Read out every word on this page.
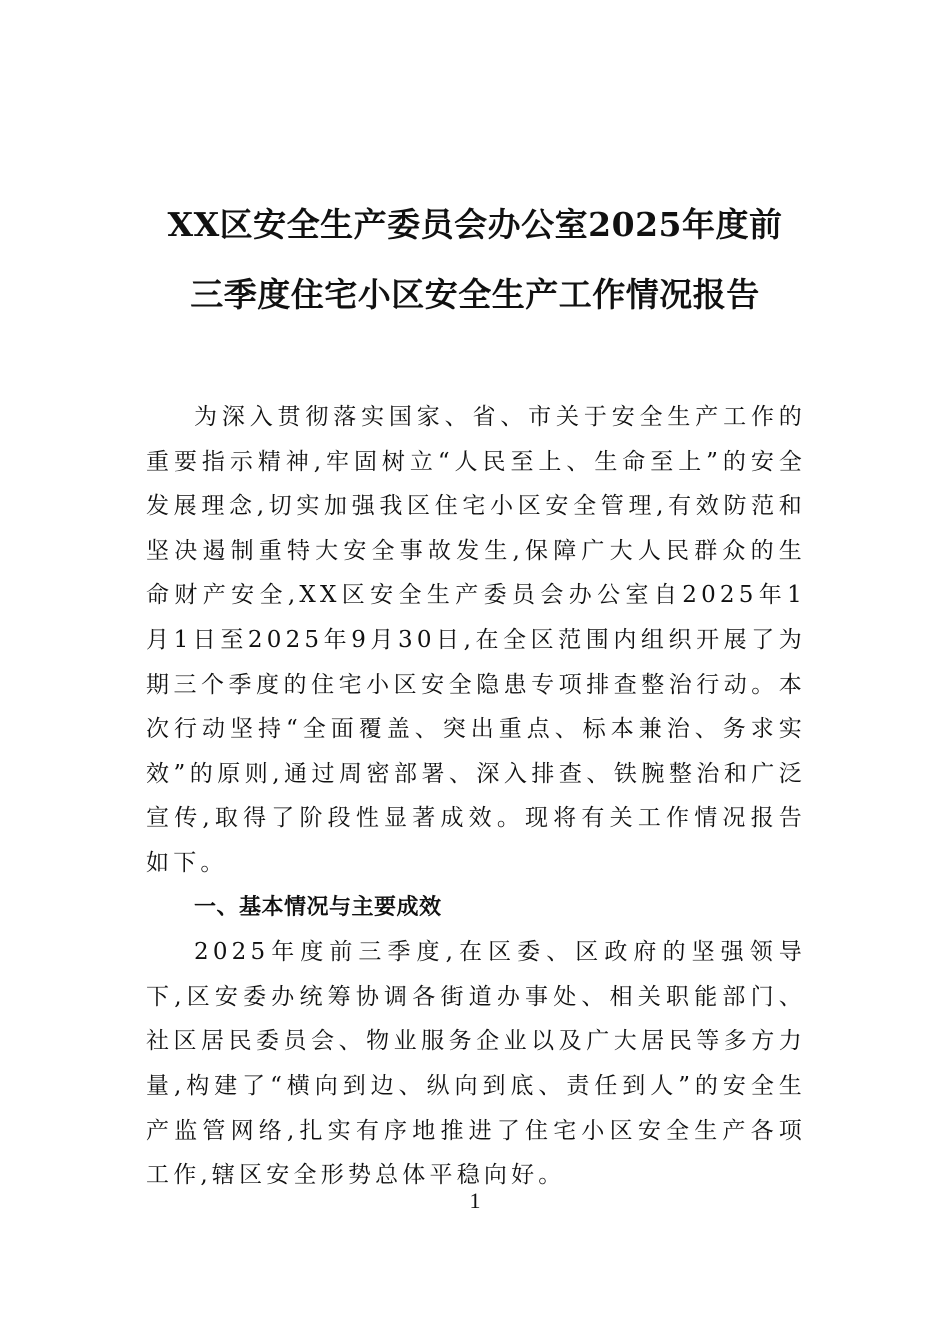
XX区安全生产委员会办公室2025年度前
三季度住宅小区安全生产工作情况报告

为深入贯彻落实国家、省、市关于安全生产工作的重要指示精神,牢固树立“人民至上、生命至上”的安全发展理念,切实加强我区住宅小区安全管理,有效防范和坚决遏制重特大安全事故发生,保障广大人民群众的生命财产安全,XX区安全生产委员会办公室自2025年1月1日至2025年9月30日,在全区范围内组织开展了为期三个季度的住宅小区安全隐患专项排查整治行动。本次行动坚持“全面覆盖、突出重点、标本兼治、务求实效”的原则,通过周密部署、深入排查、铁腕整治和广泛宣传,取得了阶段性显著成效。现将有关工作情况报告如下。

一、基本情况与主要成效

2025年度前三季度,在区委、区政府的坚强领导下,区安委办统筹协调各街道办事处、相关职能部门、社区居民委员会、物业服务企业以及广大居民等多方力量,构建了“横向到边、纵向到底、责任到人”的安全生产监管网络,扎实有序地推进了住宅小区安全生产各项工作,辖区安全形势总体平稳向好。

1
